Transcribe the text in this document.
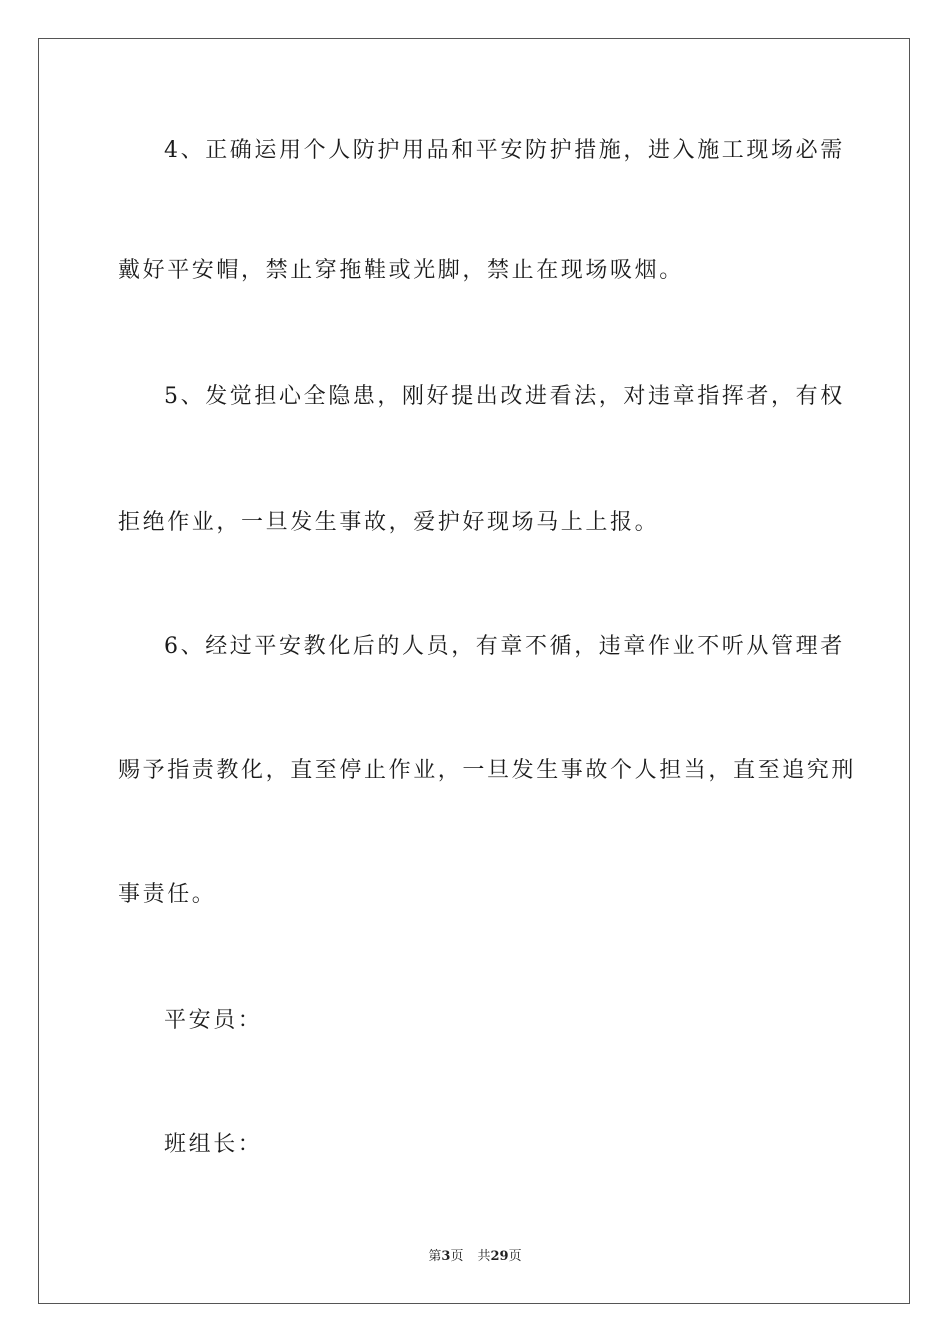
4、正确运用个人防护用品和平安防护措施，进入施工现场必需
戴好平安帽，禁止穿拖鞋或光脚，禁止在现场吸烟。
5、发觉担心全隐患，刚好提出改进看法，对违章指挥者，有权
拒绝作业，一旦发生事故，爱护好现场马上上报。
6、经过平安教化后的人员，有章不循，违章作业不听从管理者
赐予指责教化，直至停止作业，一旦发生事故个人担当，直至追究刑
事责任。
平安员：
班组长：
第3页 共29页
